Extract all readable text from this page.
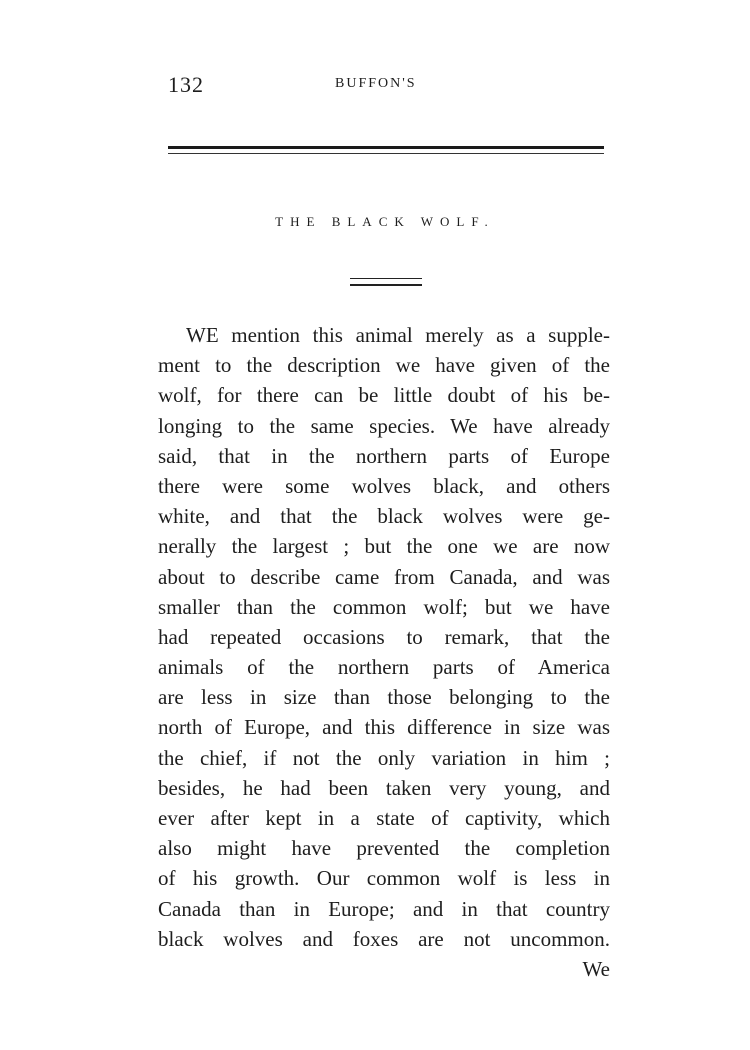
132	BUFFON'S
THE BLACK WOLF.
WE mention this animal merely as a supple-
ment to the description we have given of the
wolf, for there can be little doubt of his be-
longing to the same species. We have already
said, that in the northern parts of Europe
there were some wolves black, and others
white, and that the black wolves were ge-
nerally the largest ; but the one we are now
about to describe came from Canada, and was
smaller than the common wolf; but we have
had repeated occasions to remark, that the
animals of the northern parts of America
are less in size than those belonging to the
north of Europe, and this difference in size was
the chief, if not the only variation in him ;
besides, he had been taken very young, and
ever after kept in a state of captivity, which
also might have prevented the completion
of his growth. Our common wolf is less in
Canada than in Europe; and in that country
black wolves and foxes are not uncommon.
We
